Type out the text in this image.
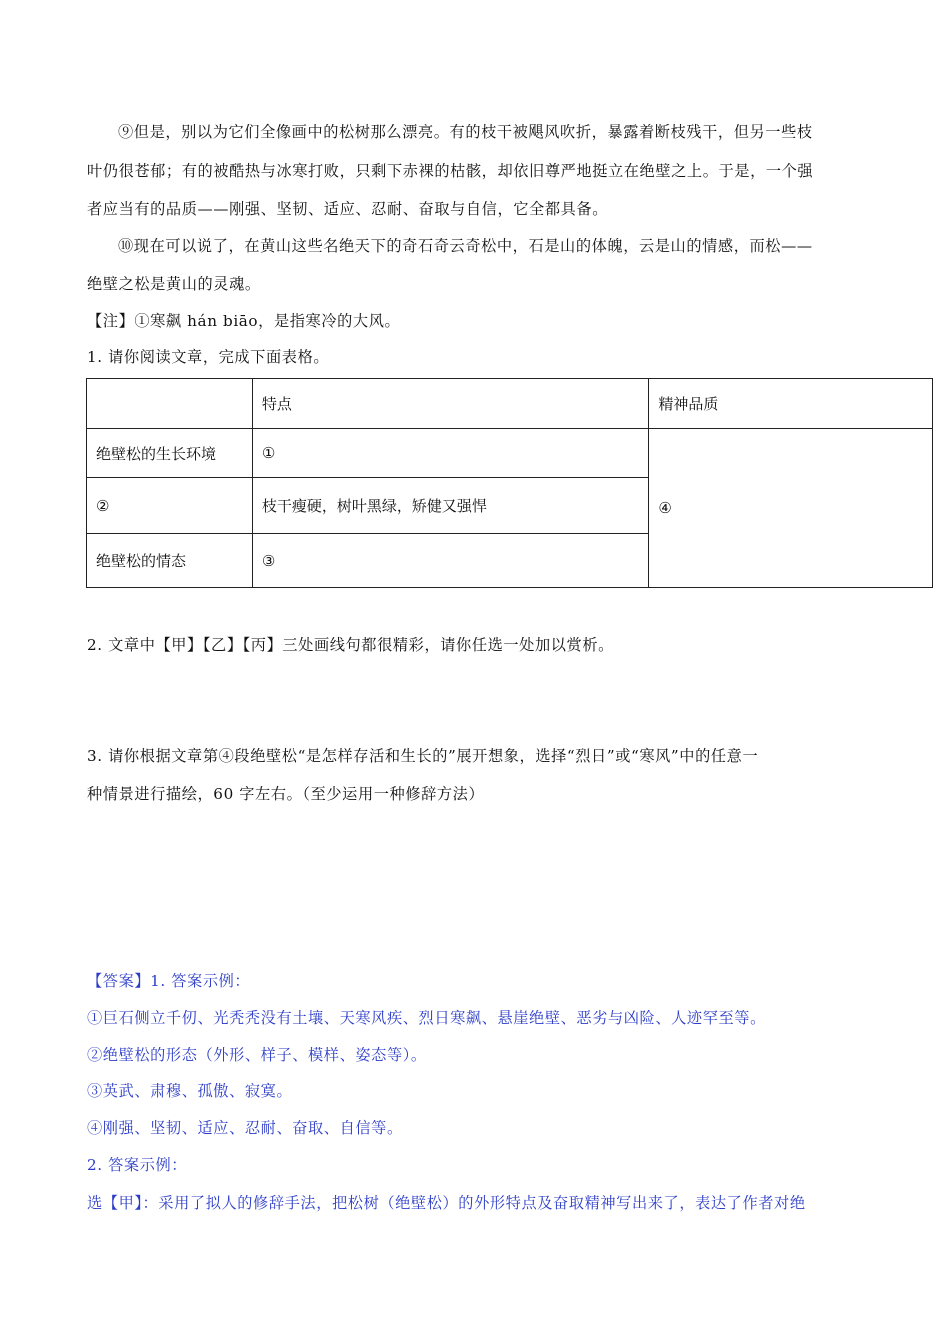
⑨但是，别以为它们全像画中的松树那么漂亮。有的枝干被飓风吹折，暴露着断枝残干，但另一些枝
叶仍很苍郁；有的被酷热与冰寒打败，只剩下赤裸的枯骸，却依旧尊严地挺立在绝壁之上。于是，一个强
者应当有的品质——刚强、坚韧、适应、忍耐、奋取与自信，它全都具备。
⑩现在可以说了，在黄山这些名绝天下的奇石奇云奇松中，石是山的体魄，云是山的情感，而松——
绝壁之松是黄山的灵魂。
【注】①寒飙 hán biāo，是指寒冷的大风。
1. 请你阅读文章，完成下面表格。
	特点	精神品质
绝壁松的生长环境	①	④
②	枝干瘦硬，树叶黑绿，矫健又强悍	
绝壁松的情态	③	
2. 文章中【甲】【乙】【丙】三处画线句都很精彩，请你任选一处加以赏析。
3. 请你根据文章第④段绝壁松“是怎样存活和生长的”展开想象，选择“烈日”或“寒风”中的任意一
种情景进行描绘，60 字左右。（至少运用一种修辞方法）
【答案】1. 答案示例：
①巨石侧立千仞、光秃秃没有土壤、天寒风疾、烈日寒飙、悬崖绝壁、恶劣与凶险、人迹罕至等。
②绝壁松的形态（外形、样子、模样、姿态等）。
③英武、肃穆、孤傲、寂寞。
④刚强、坚韧、适应、忍耐、奋取、自信等。
2. 答案示例：
选【甲】：采用了拟人的修辞手法，把松树（绝壁松）的外形特点及奋取精神写出来了，表达了作者对绝
